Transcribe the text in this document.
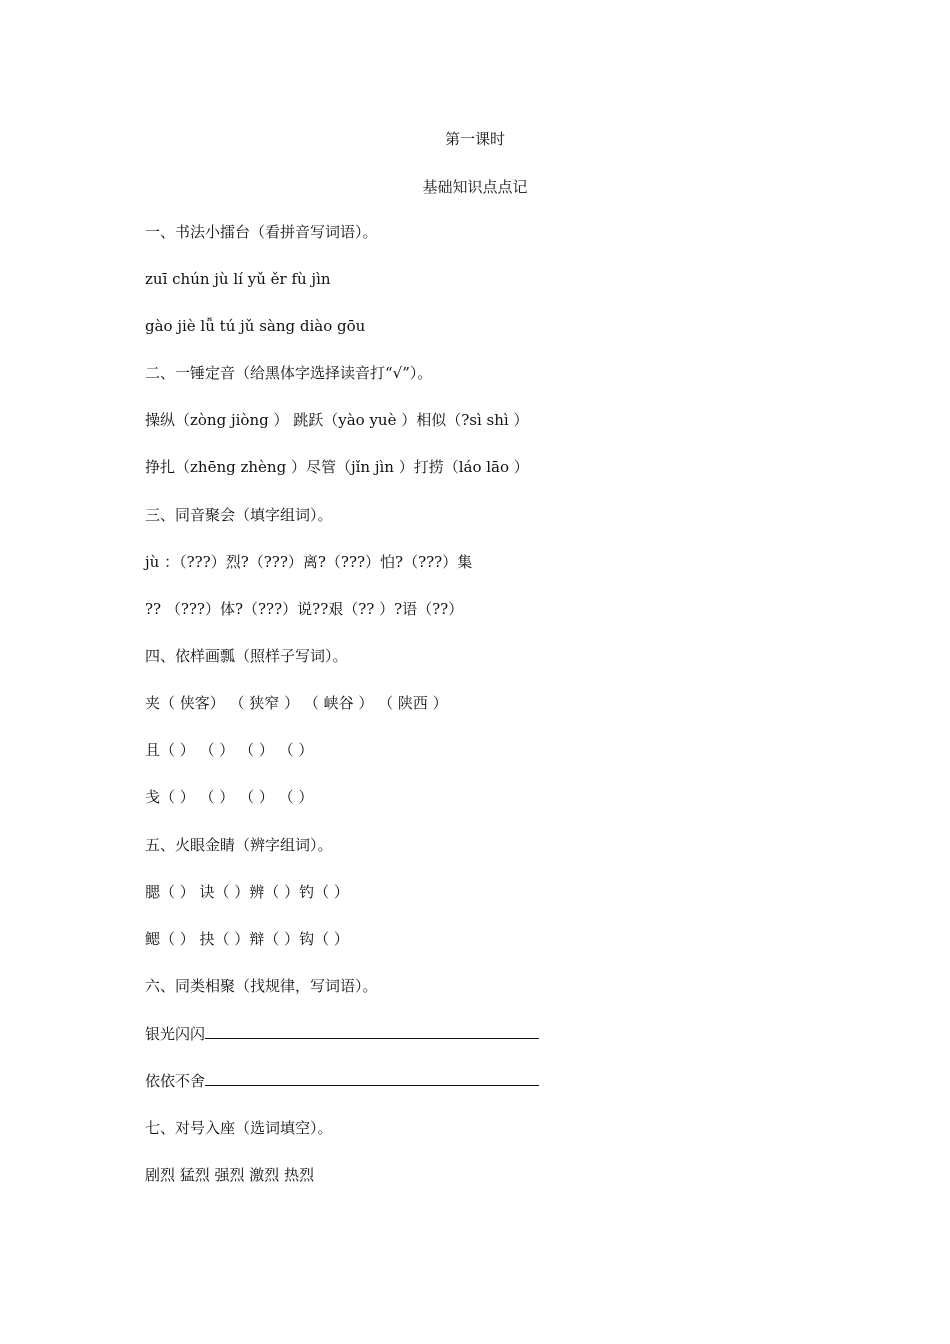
第一课时
基础知识点点记
一、书法小擂台（看拼音写词语）。
zuī chún jù lí yǔ ěr fù jìn
gào jiè lǚ tú jǔ sàng diào gōu
二、一锤定音（给黑体字选择读音打“√”）。
操纵（zòng jiòng ） 跳跃（yào yuè ）相似（?sì shì ）
挣扎（zhēng zhèng ）尽管（jǐn jìn ）打捞（láo lāo ）
三、同音聚会（填字组词）。
jù ：（???）烈?（???）离?（???）怕?（???）集
?? （???）体?（???）说??艰（?? ）?语（??）
四、依样画瓢（照样子写词）。
夹（ 侠客） （ 狭窄 ） （ 峡谷 ） （ 陕西 ）
且（ ） （ ） （ ） （ ）
戋（ ） （ ） （ ） （ ）
五、火眼金睛（辨字组词）。
腮（ ） 诀（ ）辨（ ）钓（ ）
鳃（ ） 抉（ ）辩（ ）钩（ ）
六、同类相聚（找规律，写词语）。
银光闪闪
依依不舍
七、对号入座（选词填空）。
剧烈 猛烈 强烈 激烈 热烈
